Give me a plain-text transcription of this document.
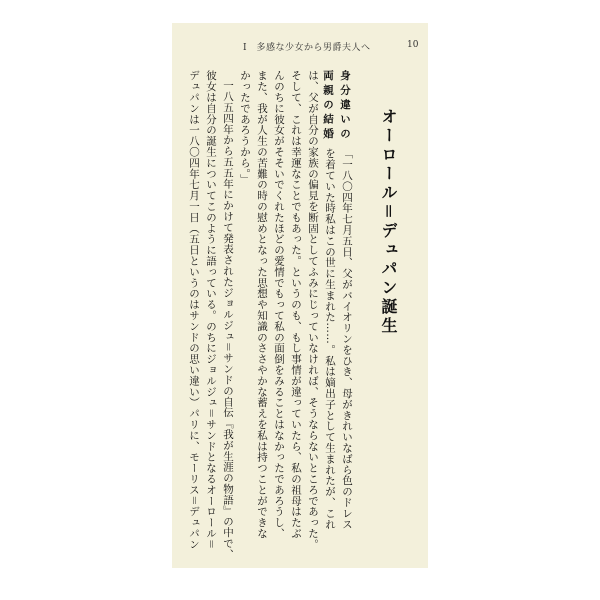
I　多感な少女から男爵夫人へ	10
オーロール＝デュパン誕生
身分違いの
両親の結婚
「一八〇四年七月五日、父がバイオリンをひき、母がきれいなばら色のドレス
を着ていた時私はこの世に生まれた……。私は嫡出子として生まれたが、これ
は、父が自分の家族の偏見を断固としてふみにじっていなければ、そうならないところであった。
そして、これは幸運なことでもあった。というのも、もし事情が違っていたら、私の祖母はたぶ
んのちに彼女がそそいでくれたほどの愛情でもって私の面倒をみることはなかったであろうし、
また、我が人生の苦難の時の慰めとなった思想や知識のささやかな蓄えを私は持つことができな
かったであろうから。」
一八五四年から五五年にかけて発表されたジョルジュ＝サンドの自伝『我が生涯の物語』の中で、
彼女は自分の誕生についてこのように語っている。のちにジョルジュ＝サンドとなるオーロール＝
デュパンは一八〇四年七月一日（五日というのはサンドの思い違い）パリに、モーリス＝デュパン
